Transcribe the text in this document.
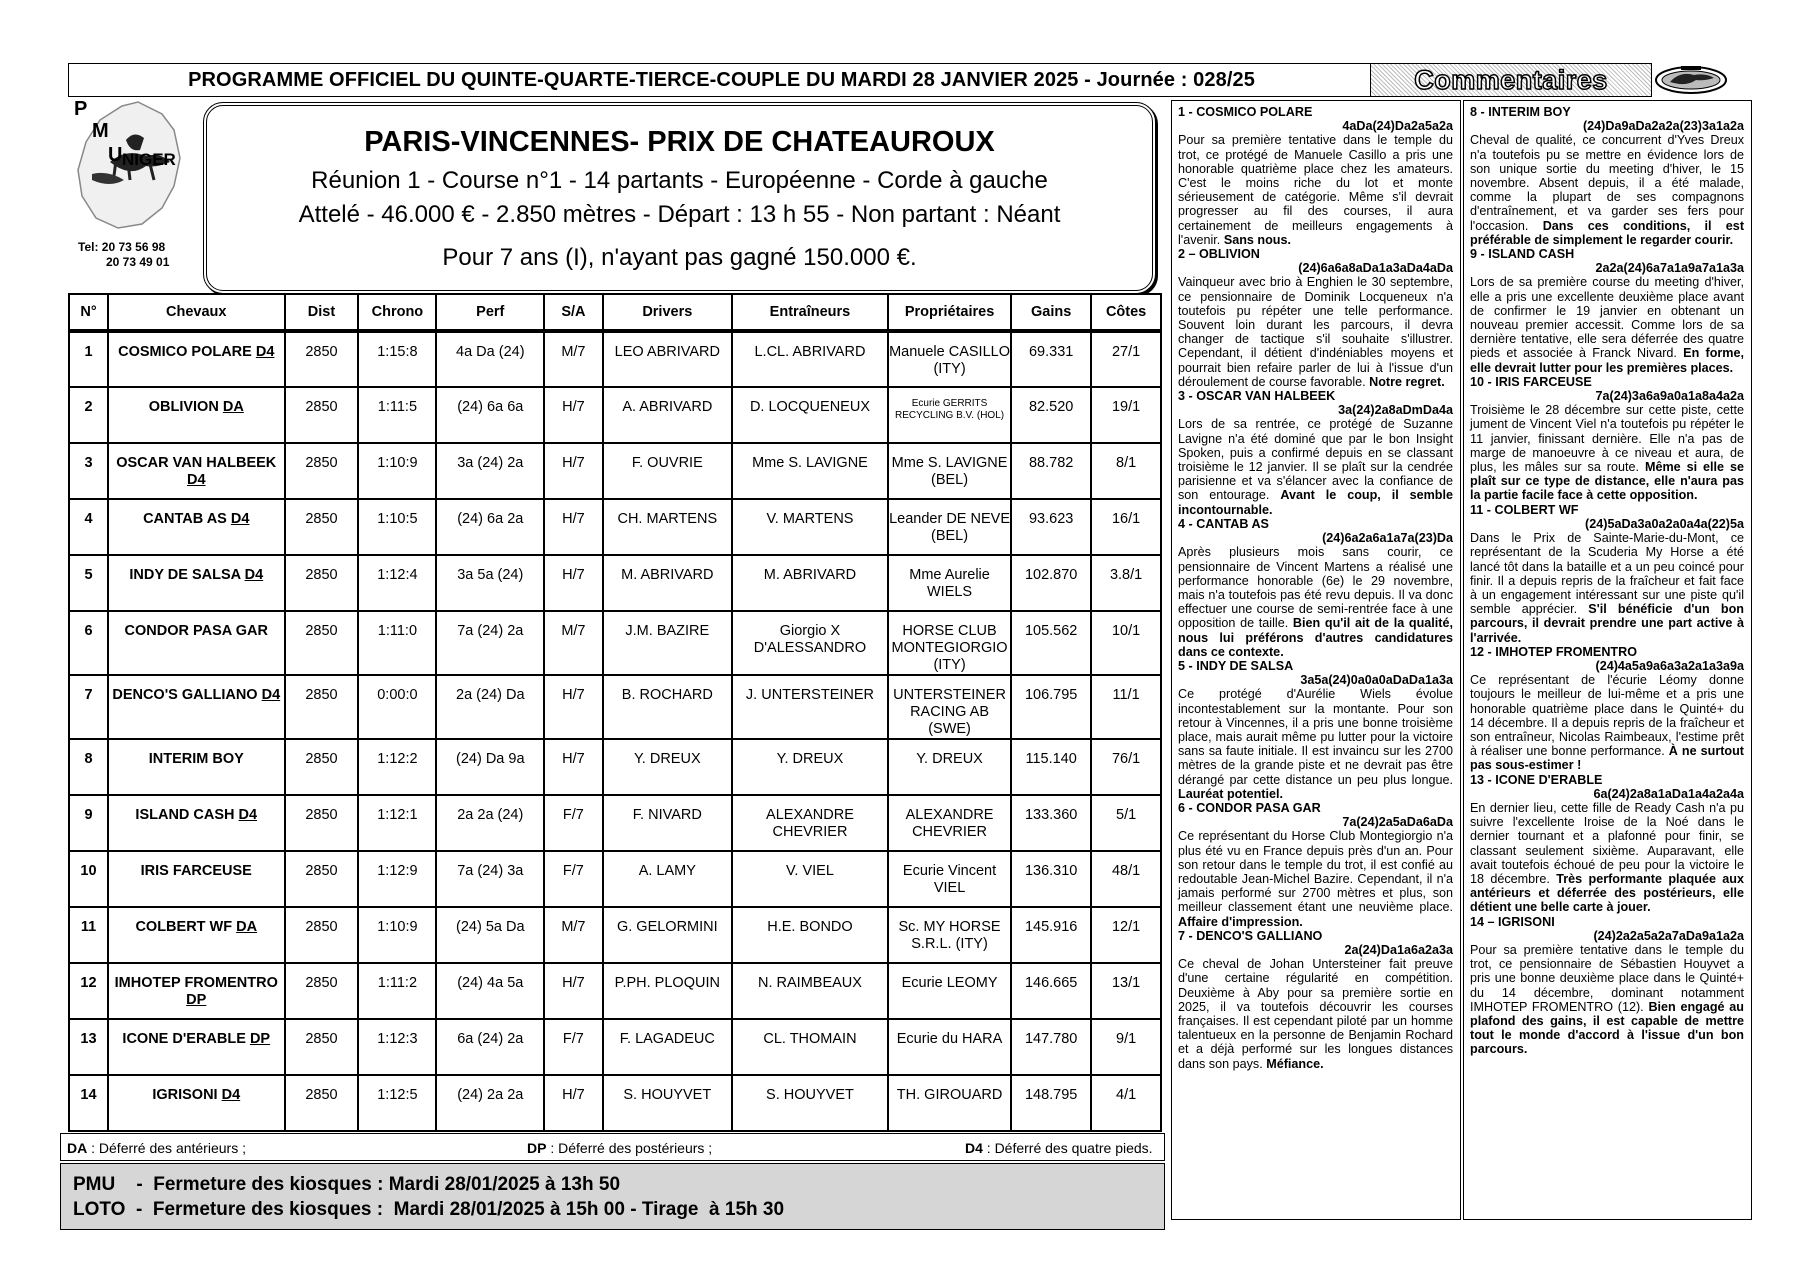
PROGRAMME OFFICIEL DU QUINTE-QUARTE-TIERCE-COUPLE DU MARDI 28 JANVIER 2025 - Journée : 028/25	Commentaires
P
M
U NIGER
Tel: 20 73 56 98
20 73 49 01
PARIS-VINCENNES- PRIX DE CHATEAUROUX
Réunion 1 - Course n°1 - 14 partants - Européenne - Corde à gauche
Attelé - 46.000 € - 2.850 mètres - Départ : 13 h 55 - Non partant : Néant
Pour 7 ans (I), n'ayant pas gagné 150.000 €.
N°	Chevaux	Dist	Chrono	Perf	S/A	Drivers	Entraîneurs	Propriétaires	Gains	Côtes
1	COSMICO POLARE D4	2850	1:15:8	4a Da (24)	M/7	LEO ABRIVARD	L.CL. ABRIVARD	Manuele CASILLO (ITY)	69.331	27/1
2	OBLIVION DA	2850	1:11:5	(24) 6a 6a	H/7	A. ABRIVARD	D. LOCQUENEUX	Ecurie GERRITS RECYCLING B.V. (HOL)	82.520	19/1
3	OSCAR VAN HALBEEK D4	2850	1:10:9	3a (24) 2a	H/7	F. OUVRIE	Mme S. LAVIGNE	Mme S. LAVIGNE (BEL)	88.782	8/1
4	CANTAB AS D4	2850	1:10:5	(24) 6a 2a	H/7	CH. MARTENS	V. MARTENS	Leander DE NEVE (BEL)	93.623	16/1
5	INDY DE SALSA D4	2850	1:12:4	3a 5a (24)	H/7	M. ABRIVARD	M. ABRIVARD	Mme Aurelie WIELS	102.870	3.8/1
6	CONDOR PASA GAR	2850	1:11:0	7a (24) 2a	M/7	J.M. BAZIRE	Giorgio X D'ALESSANDRO	HORSE CLUB MONTEGIORGIO (ITY)	105.562	10/1
7	DENCO'S GALLIANO D4	2850	0:00:0	2a (24) Da	H/7	B. ROCHARD	J. UNTERSTEINER	UNTERSTEINER RACING AB (SWE)	106.795	11/1
8	INTERIM BOY	2850	1:12:2	(24) Da 9a	H/7	Y. DREUX	Y. DREUX	Y. DREUX	115.140	76/1
9	ISLAND CASH D4	2850	1:12:1	2a 2a (24)	F/7	F. NIVARD	ALEXANDRE CHEVRIER	ALEXANDRE CHEVRIER	133.360	5/1
10	IRIS FARCEUSE	2850	1:12:9	7a (24) 3a	F/7	A. LAMY	V. VIEL	Ecurie Vincent VIEL	136.310	48/1
11	COLBERT WF DA	2850	1:10:9	(24) 5a Da	M/7	G. GELORMINI	H.E. BONDO	Sc. MY HORSE S.R.L. (ITY)	145.916	12/1
12	IMHOTEP FROMENTRO DP	2850	1:11:2	(24) 4a 5a	H/7	P.PH. PLOQUIN	N. RAIMBEAUX	Ecurie LEOMY	146.665	13/1
13	ICONE D'ERABLE DP	2850	1:12:3	6a (24) 2a	F/7	F. LAGADEUC	CL. THOMAIN	Ecurie du HARA	147.780	9/1
14	IGRISONI D4	2850	1:12:5	(24) 2a 2a	H/7	S. HOUYVET	S. HOUYVET	TH. GIROUARD	148.795	4/1
DA : Déferré des antérieurs ;	DP : Déferré des postérieurs ;	D4 : Déferré des quatre pieds.
PMU    -  Fermeture des kiosques : Mardi 28/01/2025 à 13h 50
LOTO  -  Fermeture des kiosques :  Mardi 28/01/2025 à 15h 00 - Tirage  à 15h 30
1 - COSMICO POLARE
4aDa(24)Da2a5a2a
Pour sa première tentative dans le temple du trot, ce protégé de Manuele Casillo a pris une honorable quatrième place chez les amateurs. C'est le moins riche du lot et monte sérieusement de catégorie. Même s'il devrait progresser au fil des courses, il aura certainement de meilleurs engagements à l'avenir. Sans nous.
2 – OBLIVION
(24)6a6a8aDa1a3aDa4aDa
Vainqueur avec brio à Enghien le 30 septembre, ce pensionnaire de Dominik Locqueneux n'a toutefois pu répéter une telle performance. Souvent loin durant les parcours, il devra changer de tactique s'il souhaite s'illustrer. Cependant, il détient d'indéniables moyens et pourrait bien refaire parler de lui à l'issue d'un déroulement de course favorable. Notre regret.
3 - OSCAR VAN HALBEEK
3a(24)2a8aDmDa4a
Lors de sa rentrée, ce protégé de Suzanne Lavigne n'a été dominé que par le bon Insight Spoken, puis a confirmé depuis en se classant troisième le 12 janvier. Il se plaît sur la cendrée parisienne et va s'élancer avec la confiance de son entourage. Avant le coup, il semble incontournable.
4 - CANTAB AS
(24)6a2a6a1a7a(23)Da
Après plusieurs mois sans courir, ce pensionnaire de Vincent Martens a réalisé une performance honorable (6e) le 29 novembre, mais n'a toutefois pas été revu depuis. Il va donc effectuer une course de semi-rentrée face à une opposition de taille. Bien qu'il ait de la qualité, nous lui préférons d'autres candidatures dans ce contexte.
5 - INDY DE SALSA
3a5a(24)0a0a0aDaDa1a3a
Ce protégé d'Aurélie Wiels évolue incontestablement sur la montante. Pour son retour à Vincennes, il a pris une bonne troisième place, mais aurait même pu lutter pour la victoire sans sa faute initiale. Il est invaincu sur les 2700 mètres de la grande piste et ne devrait pas être dérangé par cette distance un peu plus longue. Lauréat potentiel.
6 - CONDOR PASA GAR
7a(24)2a5aDa6aDa
Ce représentant du Horse Club Montegiorgio n'a plus été vu en France depuis près d'un an. Pour son retour dans le temple du trot, il est confié au redoutable Jean-Michel Bazire. Cependant, il n'a jamais performé sur 2700 mètres et plus, son meilleur classement étant une neuvième place. Affaire d'impression.
7 - DENCO'S GALLIANO
2a(24)Da1a6a2a3a
Ce cheval de Johan Untersteiner fait preuve d'une certaine régularité en compétition. Deuxième à Aby pour sa première sortie en 2025, il va toutefois découvrir les courses françaises. Il est cependant piloté par un homme talentueux en la personne de Benjamin Rochard et a déjà performé sur les longues distances dans son pays. Méfiance.
8 - INTERIM BOY
(24)Da9aDa2a2a(23)3a1a2a
Cheval de qualité, ce concurrent d'Yves Dreux n'a toutefois pu se mettre en évidence lors de son unique sortie du meeting d'hiver, le 15 novembre. Absent depuis, il a été malade, comme la plupart de ses compagnons d'entraînement, et va garder ses fers pour l'occasion. Dans ces conditions, il est préférable de simplement le regarder courir.
9 - ISLAND CASH
2a2a(24)6a7a1a9a7a1a3a
Lors de sa première course du meeting d'hiver, elle a pris une excellente deuxième place avant de confirmer le 19 janvier en obtenant un nouveau premier accessit. Comme lors de sa dernière tentative, elle sera déferrée des quatre pieds et associée à Franck Nivard. En forme, elle devrait lutter pour les premières places.
10 - IRIS FARCEUSE
7a(24)3a6a9a0a1a8a4a2a
Troisième le 28 décembre sur cette piste, cette jument de Vincent Viel n'a toutefois pu répéter le 11 janvier, finissant dernière. Elle n'a pas de marge de manoeuvre à ce niveau et aura, de plus, les mâles sur sa route. Même si elle se plaît sur ce type de distance, elle n'aura pas la partie facile face à cette opposition.
11 - COLBERT WF
(24)5aDa3a0a2a0a4a(22)5a
Dans le Prix de Sainte-Marie-du-Mont, ce représentant de la Scuderia My Horse a été lancé tôt dans la bataille et a un peu coincé pour finir. Il a depuis repris de la fraîcheur et fait face à un engagement intéressant sur une piste qu'il semble apprécier. S'il bénéficie d'un bon parcours, il devrait prendre une part active à l'arrivée.
12 - IMHOTEP FROMENTRO
(24)4a5a9a6a3a2a1a3a9a
Ce représentant de l'écurie Léomy donne toujours le meilleur de lui-même et a pris une honorable quatrième place dans le Quinté+ du 14 décembre. Il a depuis repris de la fraîcheur et son entraîneur, Nicolas Raimbeaux, l'estime prêt à réaliser une bonne performance. À ne surtout pas sous-estimer !
13 - ICONE D'ERABLE
6a(24)2a8a1aDa1a4a2a4a
En dernier lieu, cette fille de Ready Cash n'a pu suivre l'excellente Iroise de la Noé dans le dernier tournant et a plafonné pour finir, se classant seulement sixième. Auparavant, elle avait toutefois échoué de peu pour la victoire le 18 décembre. Très performante plaquée aux antérieurs et déferrée des postérieurs, elle détient une belle carte à jouer.
14 – IGRISONI
(24)2a2a5a2a7aDa9a1a2a
Pour sa première tentative dans le temple du trot, ce pensionnaire de Sébastien Houyvet a pris une bonne deuxième place dans le Quinté+ du 14 décembre, dominant notamment IMHOTEP FROMENTRO (12). Bien engagé au plafond des gains, il est capable de mettre tout le monde d'accord à l'issue d'un bon parcours.
